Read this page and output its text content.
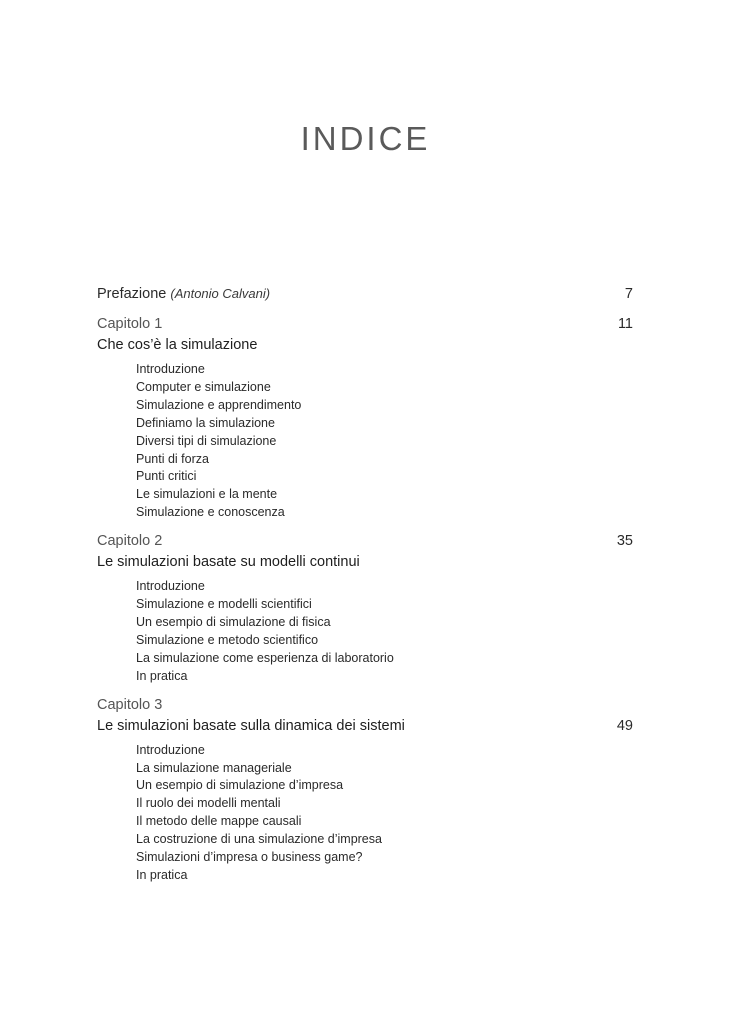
INDICE
Prefazione (Antonio Calvani)	7
Capitolo 1	11
Che cos’è la simulazione
Introduzione
Computer e simulazione
Simulazione e apprendimento
Definiamo la simulazione
Diversi tipi di simulazione
Punti di forza
Punti critici
Le simulazioni e la mente
Simulazione e conoscenza
Capitolo 2	35
Le simulazioni basate su modelli continui
Introduzione
Simulazione e modelli scientifici
Un esempio di simulazione di fisica
Simulazione e metodo scientifico
La simulazione come esperienza di laboratorio
In pratica
Capitolo 3
Le simulazioni basate sulla dinamica dei sistemi	49
Introduzione
La simulazione manageriale
Un esempio di simulazione d’impresa
Il ruolo dei modelli mentali
Il metodo delle mappe causali
La costruzione di una simulazione d’impresa
Simulazioni d’impresa o business game?
In pratica
